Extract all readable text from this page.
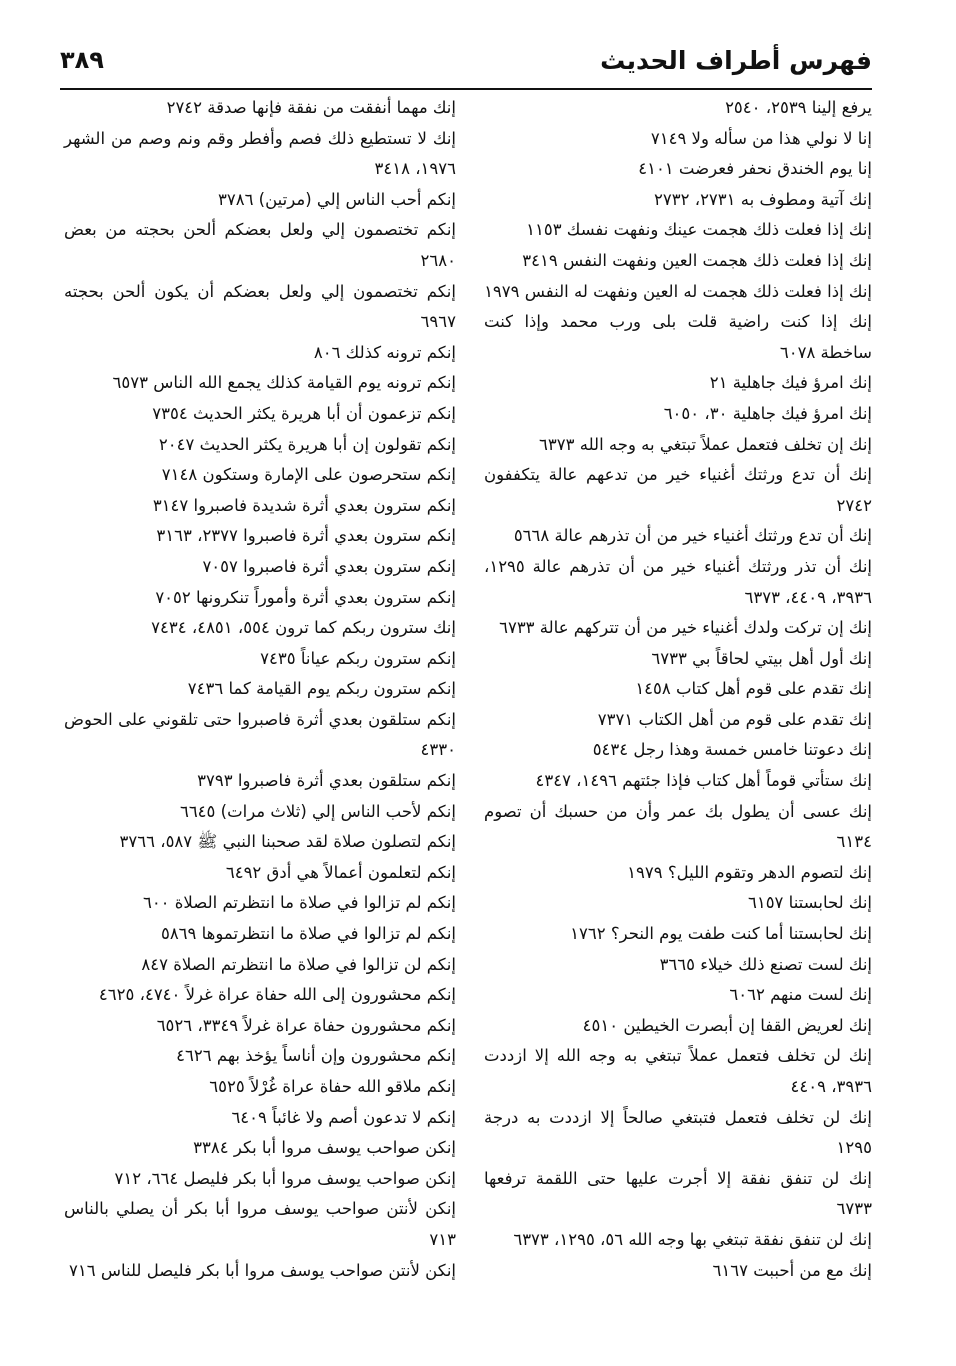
فهرس أطراف الحديث
٣٨٩

يرفع إلينا ٢٥٣٩، ٢٥٤٠

إنا لا نولي هذا من سأله ولا ٧١٤٩

إنا يوم الخندق نحفر فعرضت ٤١٠١

إنك آتية ومطوف به ٢٧٣١، ٢٧٣٢

إنك إذا فعلت ذلك هجمت عينك ونفهت نفسك ١١٥٣

إنك إذا فعلت ذلك هجمت العين ونفهت النفس ٣٤١٩

إنك إذا فعلت ذلك هجمت له العين ونفهت له النفس ١٩٧٩

إنك إذا كنت راضية قلت بلى ورب محمد وإذا كنت ساخطة ٦٠٧٨

إنك امرؤ فيك جاهلية ٢١

إنك امرؤ فيك جاهلية ٣٠، ٦٠٥٠

إنك إن تخلف فتعمل عملاً تبتغي به وجه الله ٦٣٧٣

إنك أن تدع ورثتك أغنياء خير من تدعهم عالة يتكففون ٢٧٤٢

إنك أن تدع ورثتك أغنياء خير من أن تذرهم عالة ٥٦٦٨

إنك أن تذر ورثتك أغنياء خير من أن تذرهم عالة ١٢٩٥، ٣٩٣٦، ٤٤٠٩، ٦٣٧٣

إنك إن تركت ولدك أغنياء خير من أن تتركهم عالة ٦٧٣٣

إنك أول أهل بيتي لحاقاً بي ٦٧٣٣

إنك تقدم على قوم أهل كتاب ١٤٥٨

إنك تقدم على قوم من أهل الكتاب ٧٣٧١

إنك دعوتنا خامس خمسة وهذا رجل ٥٤٣٤

إنك ستأتي قوماً أهل كتاب فإذا جئتهم ١٤٩٦، ٤٣٤٧

إنك عسى أن يطول بك عمر وأن من حسبك أن تصوم ٦١٣٤

إنك لتصوم الدهر وتقوم الليل؟ ١٩٧٩

إنك لحابستنا ٦١٥٧

إنك لحابستنا أما كنت طفت يوم النحر؟ ١٧٦٢

إنك لست تصنع ذلك خيلاء ٣٦٦٥

إنك لست منهم ٦٠٦٢

إنك لعريض القفا إن أبصرت الخيطين ٤٥١٠

إنك لن تخلف فتعمل عملاً تبتغي به وجه الله إلا ازددت ٣٩٣٦، ٤٤٠٩

إنك لن تخلف فتعمل فتبتغي صالحاً إلا ازددت به درجة ١٢٩٥

إنك لن تنفق نفقة إلا أجرت عليها حتى اللقمة ترفعها ٦٧٣٣

إنك لن تنفق نفقة تبتغي بها وجه الله ٥٦، ١٢٩٥، ٦٣٧٣

إنك مع من أحببت ٦١٦٧

إنك مهما أنفقت من نفقة فإنها صدقة ٢٧٤٢

إنك لا تستطيع ذلك فصم وأفطر وقم ونم وصم من الشهر ١٩٧٦، ٣٤١٨

إنكم أحب الناس إلي (مرتين) ٣٧٨٦

إنكم تختصمون إلي ولعل بعضكم ألحن بحجته من بعض ٢٦٨٠

إنكم تختصمون إلي ولعل بعضكم أن يكون ألحن بحجته ٦٩٦٧

إنكم ترونه كذلك ٨٠٦

إنكم ترونه يوم القيامة كذلك يجمع الله الناس ٦٥٧٣

إنكم تزعمون أن أبا هريرة يكثر الحديث ٧٣٥٤

إنكم تقولون إن أبا هريرة يكثر الحديث ٢٠٤٧

إنكم ستحرصون على الإمارة وستكون ٧١٤٨

إنكم سترون بعدي أثرة شديدة فاصبروا ٣١٤٧

إنكم سترون بعدي أثرة فاصبروا ٢٣٧٧، ٣١٦٣

إنكم سترون بعدي أثرة فاصبروا ٧٠٥٧

إنكم سترون بعدي أثرة وأموراً تنكرونها ٧٠٥٢

إنك سترون ربكم كما ترون ٥٥٤، ٤٨٥١، ٧٤٣٤

إنكم سترون ربكم عياناً ٧٤٣٥

إنكم سترون ربكم يوم القيامة كما ٧٤٣٦

إنكم ستلقون بعدي أثرة فاصبروا حتى تلقوني على الحوض ٤٣٣٠

إنكم ستلقون بعدي أثرة فاصبروا ٣٧٩٣

إنكم لأحب الناس إلي (ثلاث مرات) ٦٦٤٥

إنكم لتصلون صلاة لقد صحبنا النبي ﷺ ٥٨٧، ٣٧٦٦

إنكم لتعلمون أعمالاً هي أدق ٦٤٩٢

إنكم لم تزالوا في صلاة ما انتظرتم الصلاة ٦٠٠

إنكم لم تزالوا في صلاة ما انتظرتموها ٥٨٦٩

إنكم لن تزالوا في صلاة ما انتظرتم الصلاة ٨٤٧

إنكم محشورون إلى الله حفاة عراة غرلاً ٤٧٤٠، ٤٦٢٥

إنكم محشورون حفاة عراة غرلاً ٣٣٤٩، ٦٥٢٦

إنكم محشورون وإن أناساً يؤخذ بهم ٤٦٢٦

إنكم ملاقو الله حفاة عراة غُرْلاً ٦٥٢٥

إنكم لا تدعون أصم ولا غائباً ٦٤٠٩

إنكن صواحب يوسف مروا أبا بكر ٣٣٨٤

إنكن صواحب يوسف مروا أبا بكر فليصل ٦٦٤، ٧١٢

إنكن لأنتن صواحب يوسف مروا أبا بكر أن يصلي بالناس ٧١٣

إنكن لأنتن صواحب يوسف مروا أبا بكر فليصل للناس ٧١٦
